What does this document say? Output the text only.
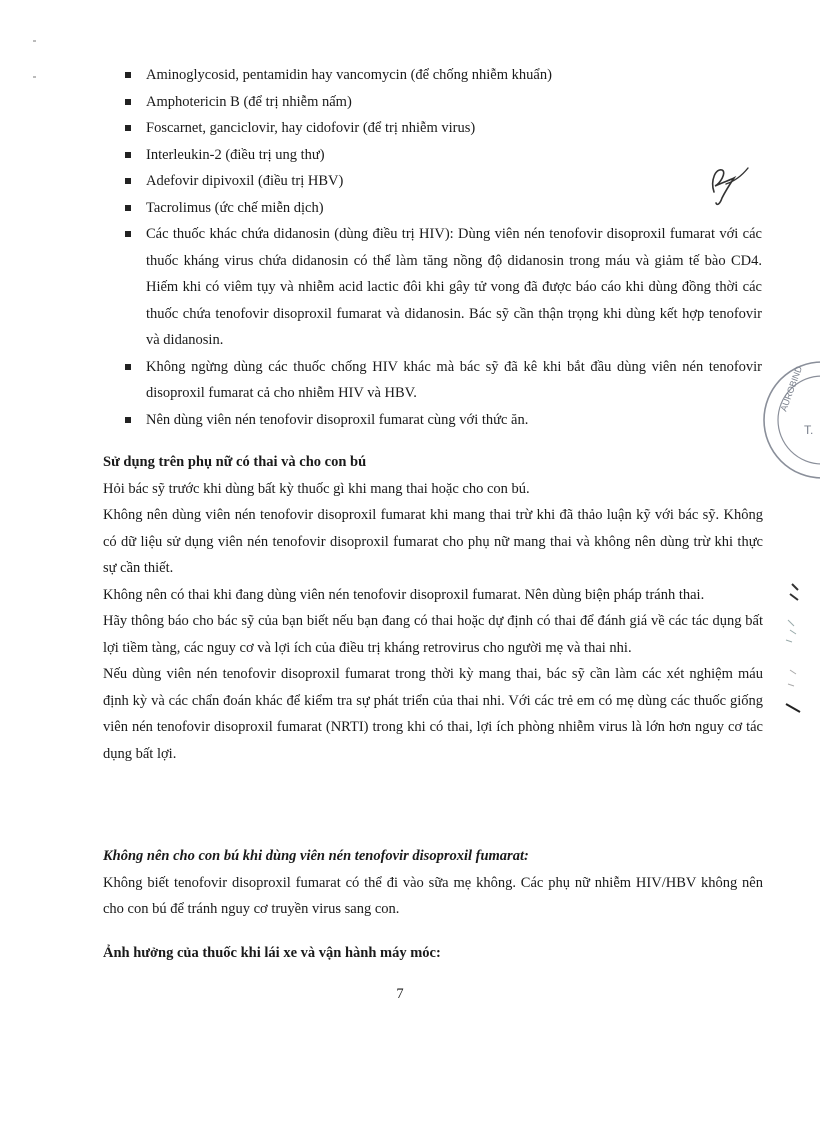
Aminoglycosid, pentamidin hay vancomycin (để chống nhiễm khuẩn)
Amphotericin B (để trị nhiễm nấm)
Foscarnet, ganciclovir, hay cidofovir (để trị nhiễm virus)
Interleukin-2 (điều trị ung thư)
Adefovir dipivoxil (điều trị HBV)
Tacrolimus (ức chế miễn dịch)
Các thuốc khác chứa didanosin (dùng điều trị HIV): Dùng viên nén tenofovir disoproxil fumarat với các thuốc kháng virus chứa didanosin có thể làm tăng nồng độ didanosin trong máu và giảm tế bào CD4. Hiếm khi có viêm tụy và nhiễm acid lactic đôi khi gây tử vong đã được báo cáo khi dùng đồng thời các thuốc chứa tenofovir disoproxil fumarat và didanosin. Bác sỹ cần thận trọng khi dùng kết hợp tenofovir và didanosin.
Không ngừng dùng các thuốc chống HIV khác mà bác sỹ đã kê khi bắt đầu dùng viên nén tenofovir disoproxil fumarat cả cho nhiễm HIV và HBV.
Nên dùng viên nén tenofovir disoproxil fumarat cùng với thức ăn.

Sử dụng trên phụ nữ có thai và cho con bú

Hỏi bác sỹ trước khi dùng bất kỳ thuốc gì khi mang thai hoặc cho con bú.

Không nên dùng viên nén tenofovir disoproxil fumarat khi mang thai trừ khi đã thảo luận kỹ với bác sỹ. Không có dữ liệu sử dụng viên nén tenofovir disoproxil fumarat cho phụ nữ mang thai và không nên dùng trừ khi thực sự cần thiết.

Không nên có thai khi đang dùng viên nén tenofovir disoproxil fumarat. Nên dùng biện pháp tránh thai.

Hãy thông báo cho bác sỹ của bạn biết nếu bạn đang có thai hoặc dự định có thai để đánh giá về các tác dụng bất lợi tiềm tàng, các nguy cơ và lợi ích của điều trị kháng retrovirus cho người mẹ và thai nhi.

Nếu dùng viên nén tenofovir disoproxil fumarat trong thời kỳ mang thai, bác sỹ cần làm các xét nghiệm máu định kỳ và các chẩn đoán khác để kiểm tra sự phát triển của thai nhi. Với các trẻ em có mẹ dùng các thuốc giống viên nén tenofovir disoproxil fumarat (NRTI) trong khi có thai, lợi ích phòng nhiễm virus là lớn hơn nguy cơ tác dụng bất lợi.

Không nên cho con bú khi dùng viên nén tenofovir disoproxil fumarat:

Không biết tenofovir disoproxil fumarat có thể đi vào sữa mẹ không. Các phụ nữ nhiễm HIV/HBV không nên cho con bú để tránh nguy cơ truyền virus sang con.

Ảnh hưởng của thuốc khi lái xe và vận hành máy móc:

7
AUROBIND
T.
